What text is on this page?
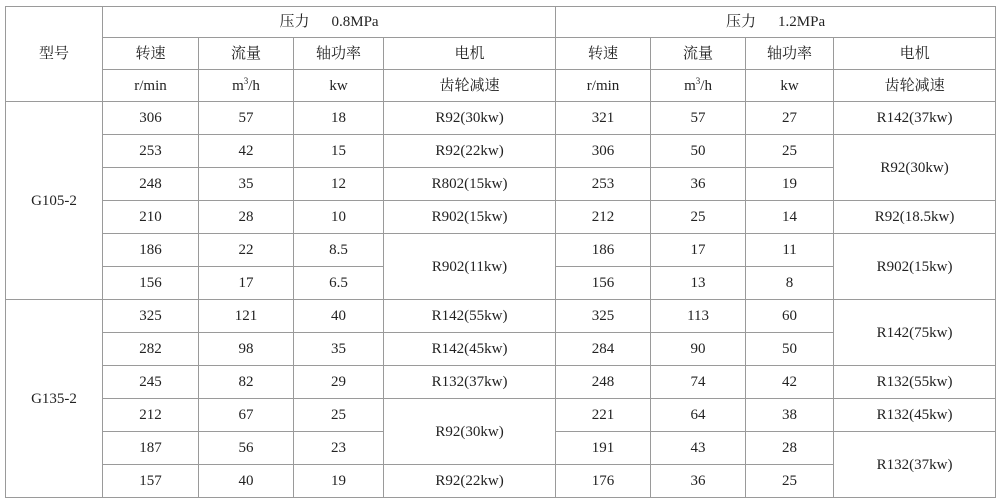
型号	压力 0.8MPa				压力 1.2MPa			
	转速	流量	轴功率	电机	转速	流量	轴功率	电机
	r/min	$m^3/h$	kw	齿轮减速	r/min	$m^3/h$	kw	齿轮减速
G105-2	306	57	18	R92(30kw)	321	57	27	R142(37kw)
	253	42	15	R92(22kw)	306	50	25	R92(30kw)
	248	35	12	R802(15kw)	253	36	19	
	210	28	10	R902(15kw)	212	25	14	R92(18.5kw)
	186	22	8.5	R902(11kw)	186	17	11	R902(15kw)
	156	17	6.5		156	13	8	
G135-2	325	121	40	R142(55kw)	325	113	60	R142(75kw)
	282	98	35	R142(45kw)	284	90	50	
	245	82	29	R132(37kw)	248	74	42	R132(55kw)
	212	67	25	R92(30kw)	221	64	38	R132(45kw)
	187	56	23		191	43	28	R132(37kw)
	157	40	19	R92(22kw)	176	36	25	
